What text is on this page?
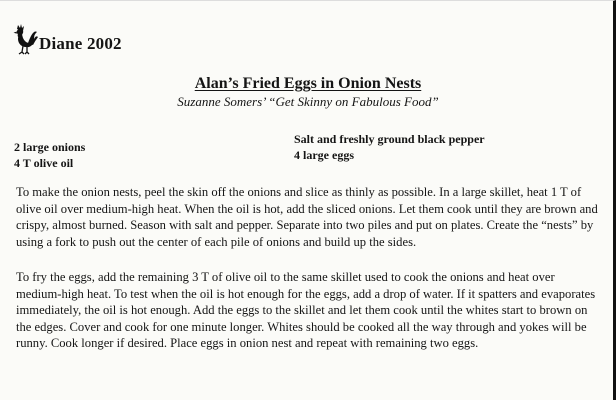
Diane 2002
Alan’s Fried Eggs in Onion Nests
Suzanne Somers’ “Get Skinny on Fabulous Food”
2 large onions
4 T olive oil
Salt and freshly ground black pepper
4 large eggs

To make the onion nests, peel the skin off the onions and slice as thinly as possible. In a large skillet, heat 1 T of olive oil over medium-high heat. When the oil is hot, add the sliced onions. Let them cook until they are brown and crispy, almost burned. Season with salt and pepper. Separate into two piles and put on plates. Create the “nests” by using a fork to push out the center of each pile of onions and build up the sides.

To fry the eggs, add the remaining 3 T of olive oil to the same skillet used to cook the onions and heat over medium-high heat. To test when the oil is hot enough for the eggs, add a drop of water. If it spatters and evaporates immediately, the oil is hot enough. Add the eggs to the skillet and let them cook until the whites start to brown on the edges. Cover and cook for one minute longer. Whites should be cooked all the way through and yokes will be runny. Cook longer if desired. Place eggs in onion nest and repeat with remaining two eggs.
